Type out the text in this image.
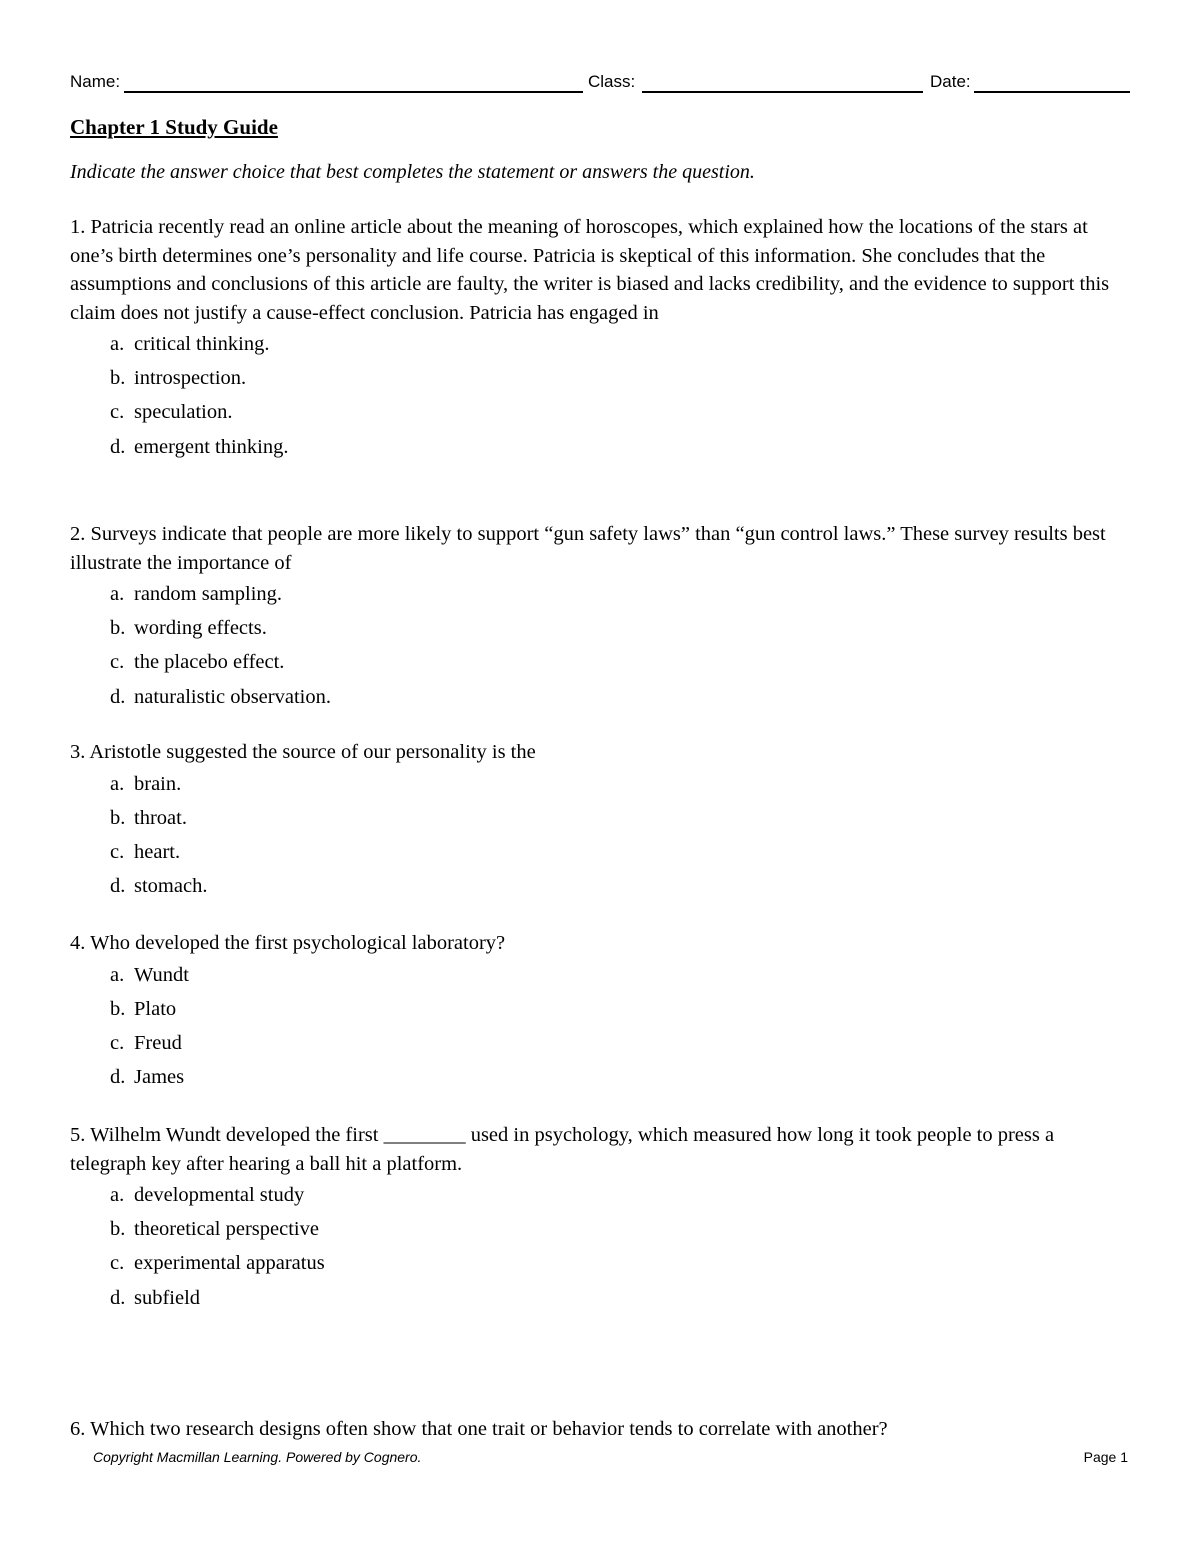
Name:	Class:	Date:
Chapter 1 Study Guide
Indicate the answer choice that best completes the statement or answers the question.

1. Patricia recently read an online article about the meaning of horoscopes, which explained how the locations of the stars at one’s birth determines one’s personality and life course. Patricia is skeptical of this information. She concludes that the assumptions and conclusions of this article are faulty, the writer is biased and lacks credibility, and the evidence to support this claim does not justify a cause-effect conclusion. Patricia has engaged in

a. critical thinking.
b. introspection.
c. speculation.
d. emergent thinking.

2. Surveys indicate that people are more likely to support “gun safety laws” than “gun control laws.” These survey results best illustrate the importance of

a. random sampling.
b. wording effects.
c. the placebo effect.
d. naturalistic observation.

3. Aristotle suggested the source of our personality is the

a. brain.
b. throat.
c. heart.
d. stomach.

4. Who developed the first psychological laboratory?

a. Wundt
b. Plato
c. Freud
d. James

5. Wilhelm Wundt developed the first ________ used in psychology, which measured how long it took people to press a telegraph key after hearing a ball hit a platform.

a. developmental study
b. theoretical perspective
c. experimental apparatus
d. subfield

6. Which two research designs often show that one trait or behavior tends to correlate with another?

Copyright Macmillan Learning. Powered by Cognero.	Page 1
